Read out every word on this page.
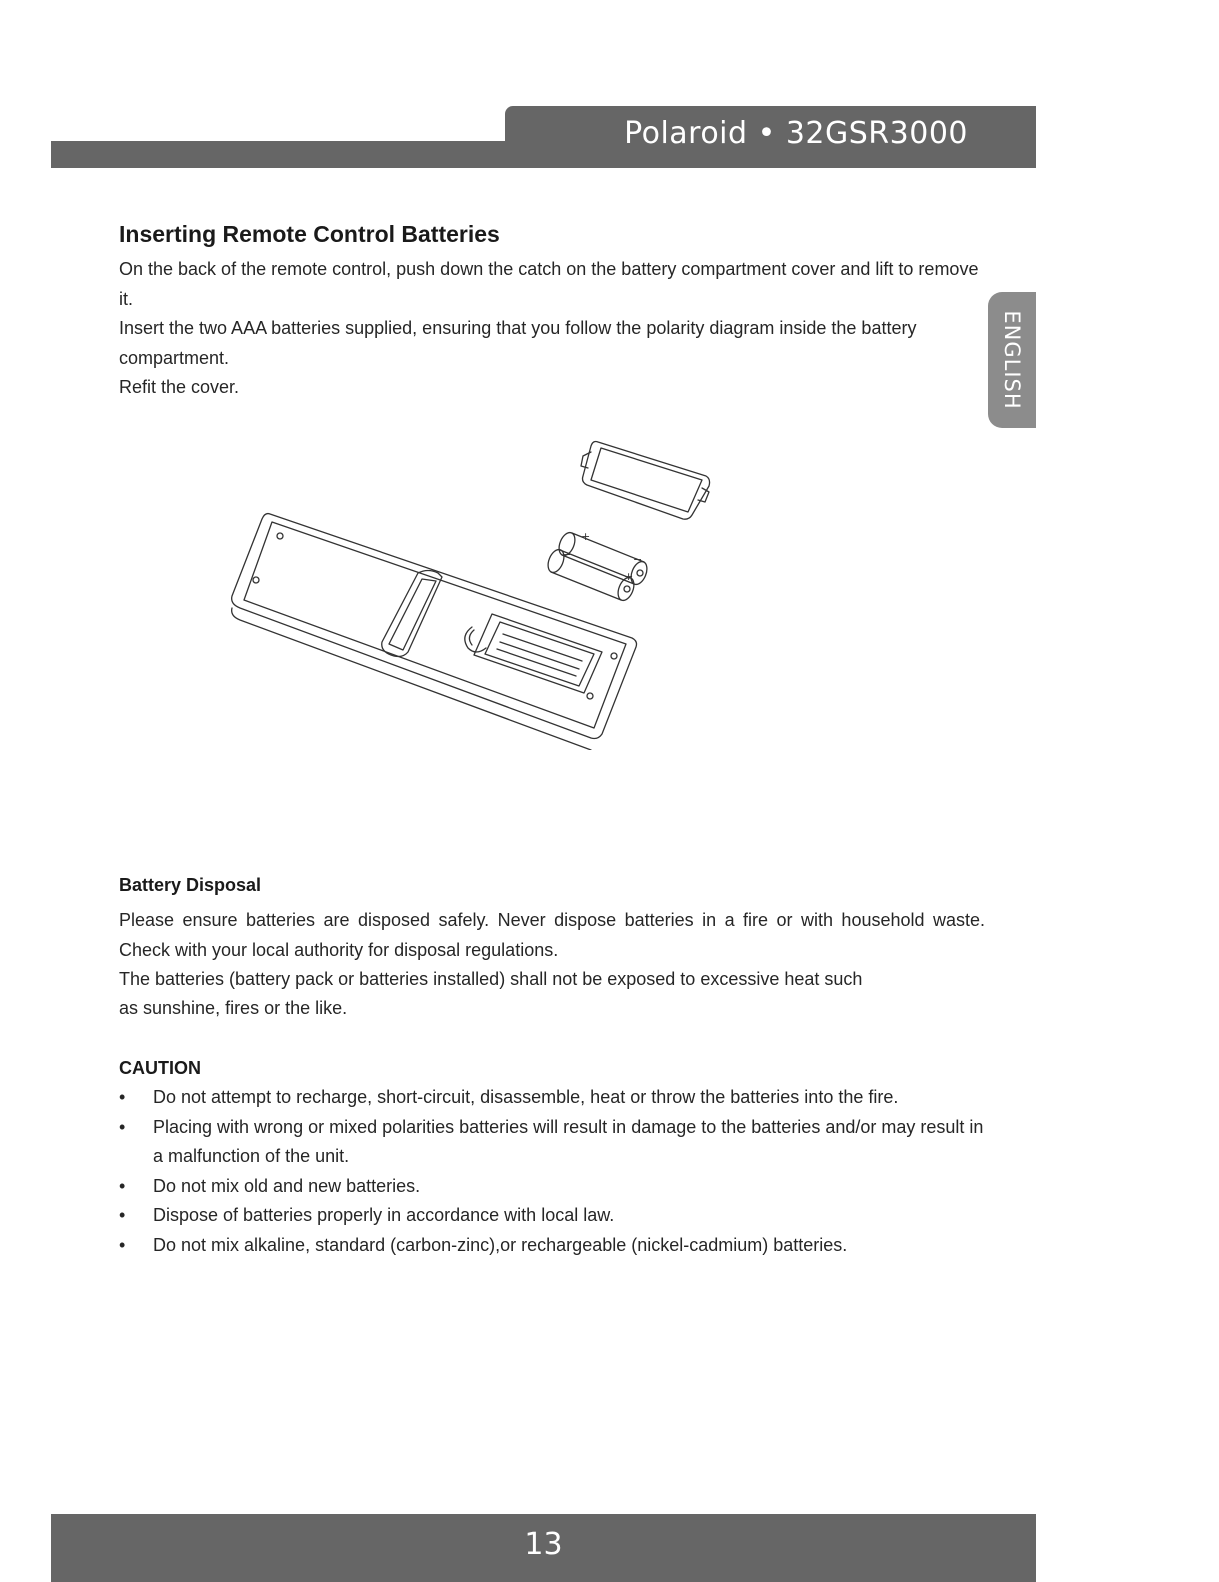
Polaroid • 32GSR3000
ENGLISH
Inserting Remote Control Batteries

On the back of the remote control, push down the catch on the battery compartment cover and lift to remove it.

Insert the two AAA batteries supplied, ensuring that you follow the polarity diagram inside the battery compartment.

Refit the cover.

+
+
−	−
Battery Disposal

Please ensure batteries are disposed safely. Never dispose batteries in a fire or with household waste. Check with your local authority for disposal regulations.

The batteries (battery pack or batteries installed) shall not be exposed to excessive heat such

as sunshine, fires or the like.

CAUTION
• Do not attempt to recharge, short-circuit, disassemble, heat or throw the batteries into the fire.
• Placing with wrong or mixed polarities batteries will result in damage to the batteries and/or may result in a malfunction of the unit.
• Do not mix old and new batteries.
• Dispose of batteries properly in accordance with local law.
• Do not mix alkaline, standard (carbon-zinc),or rechargeable (nickel-cadmium) batteries.
13
